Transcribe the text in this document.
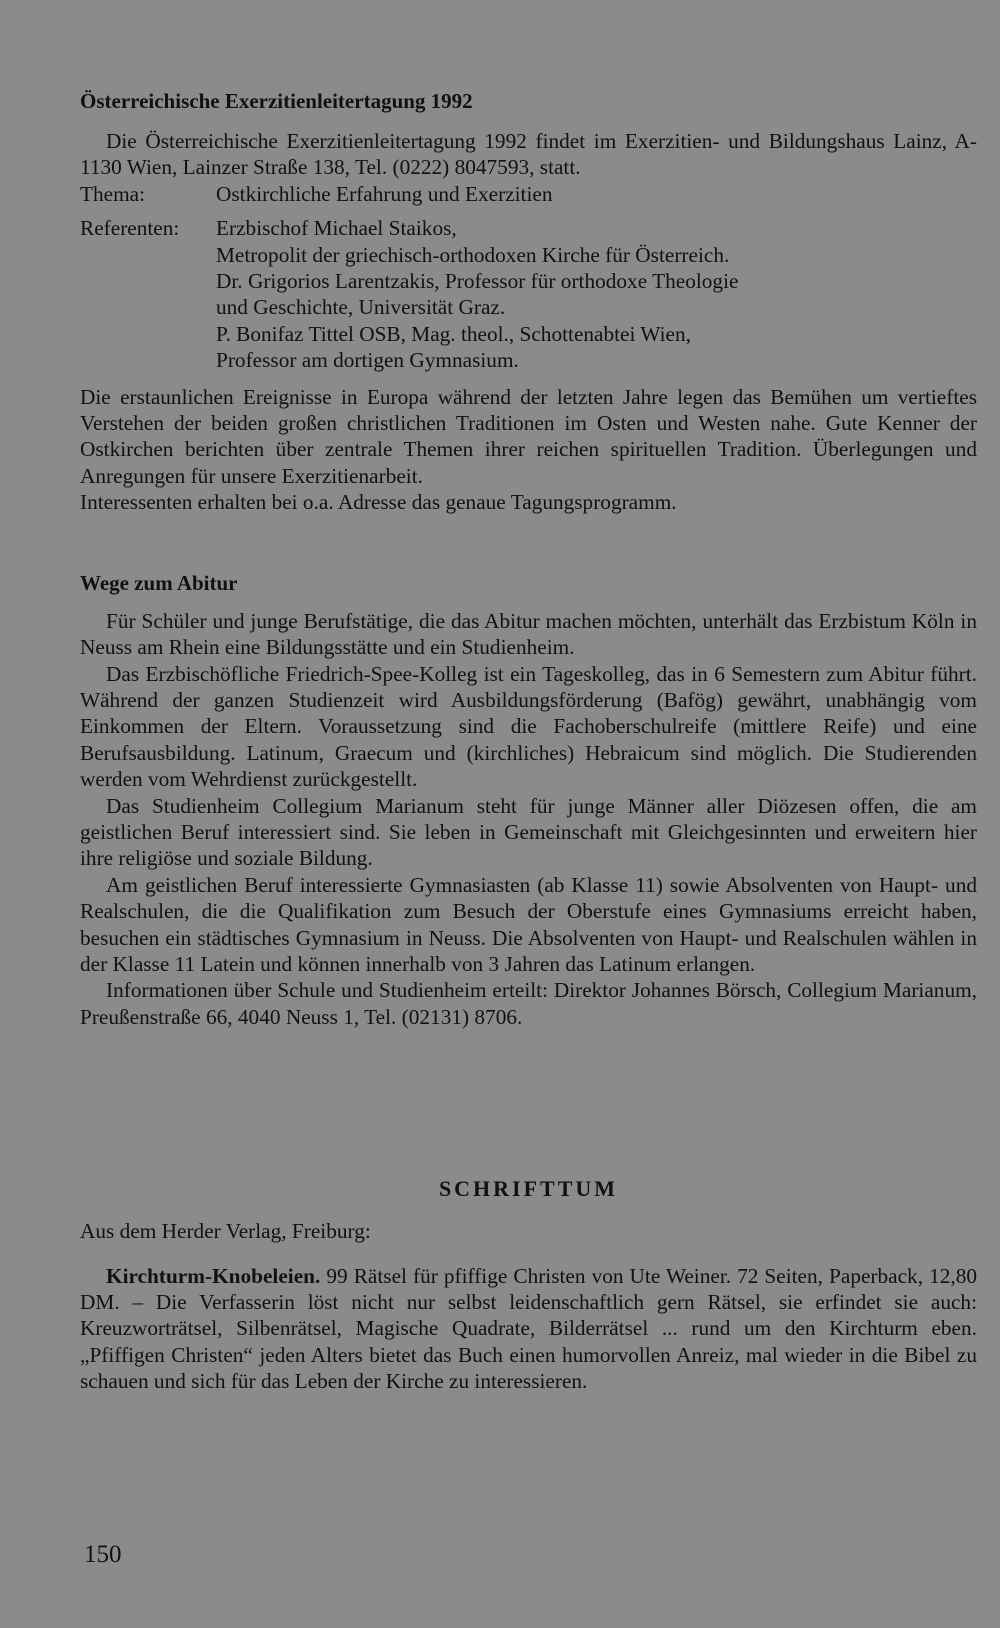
Österreichische Exerzitienleitertagung 1992

Die Österreichische Exerzitienleitertagung 1992 findet im Exerzitien- und Bildungshaus Lainz, A-1130 Wien, Lainzer Straße 138, Tel. (0222) 8047593, statt.

Thema:	Ostkirchliche Erfahrung und Exerzitien
Referenten:	Erzbischof Michael Staikos,
Metropolit der griechisch-orthodoxen Kirche für Österreich.
Dr. Grigorios Larentzakis, Professor für orthodoxe Theologie
und Geschichte, Universität Graz.
P. Bonifaz Tittel OSB, Mag. theol., Schottenabtei Wien,
Professor am dortigen Gymnasium.

Die erstaunlichen Ereignisse in Europa während der letzten Jahre legen das Bemühen um vertieftes Verstehen der beiden großen christlichen Traditionen im Osten und Westen nahe. Gute Kenner der Ostkirchen berichten über zentrale Themen ihrer reichen spirituellen Tradition. Überlegungen und Anregungen für unsere Exerzitienarbeit.

Interessenten erhalten bei o.a. Adresse das genaue Tagungsprogramm.

Wege zum Abitur

Für Schüler und junge Berufstätige, die das Abitur machen möchten, unterhält das Erzbistum Köln in Neuss am Rhein eine Bildungsstätte und ein Studienheim.

Das Erzbischöfliche Friedrich-Spee-Kolleg ist ein Tageskolleg, das in 6 Semestern zum Abitur führt. Während der ganzen Studienzeit wird Ausbildungsförderung (Bafög) gewährt, unabhängig vom Einkommen der Eltern. Voraussetzung sind die Fachoberschulreife (mittlere Reife) und eine Berufsausbildung. Latinum, Graecum und (kirchliches) Hebraicum sind möglich. Die Studierenden werden vom Wehrdienst zurückgestellt.

Das Studienheim Collegium Marianum steht für junge Männer aller Diözesen offen, die am geistlichen Beruf interessiert sind. Sie leben in Gemeinschaft mit Gleichgesinnten und erweitern hier ihre religiöse und soziale Bildung.

Am geistlichen Beruf interessierte Gymnasiasten (ab Klasse 11) sowie Absolventen von Haupt- und Realschulen, die die Qualifikation zum Besuch der Oberstufe eines Gymnasiums erreicht haben, besuchen ein städtisches Gymnasium in Neuss. Die Absolventen von Haupt- und Realschulen wählen in der Klasse 11 Latein und können innerhalb von 3 Jahren das Latinum erlangen.

Informationen über Schule und Studienheim erteilt: Direktor Johannes Börsch, Collegium Marianum, Preußenstraße 66, 4040 Neuss 1, Tel. (02131) 8706.

SCHRIFTTUM

Aus dem Herder Verlag, Freiburg:

Kirchturm-Knobeleien. 99 Rätsel für pfiffige Christen von Ute Weiner. 72 Seiten, Paperback, 12,80 DM. – Die Verfasserin löst nicht nur selbst leidenschaftlich gern Rätsel, sie erfindet sie auch: Kreuzworträtsel, Silbenrätsel, Magische Quadrate, Bilderrätsel ... rund um den Kirchturm eben. „Pfiffigen Christen“ jeden Alters bietet das Buch einen humorvollen Anreiz, mal wieder in die Bibel zu schauen und sich für das Leben der Kirche zu interessieren.

150
